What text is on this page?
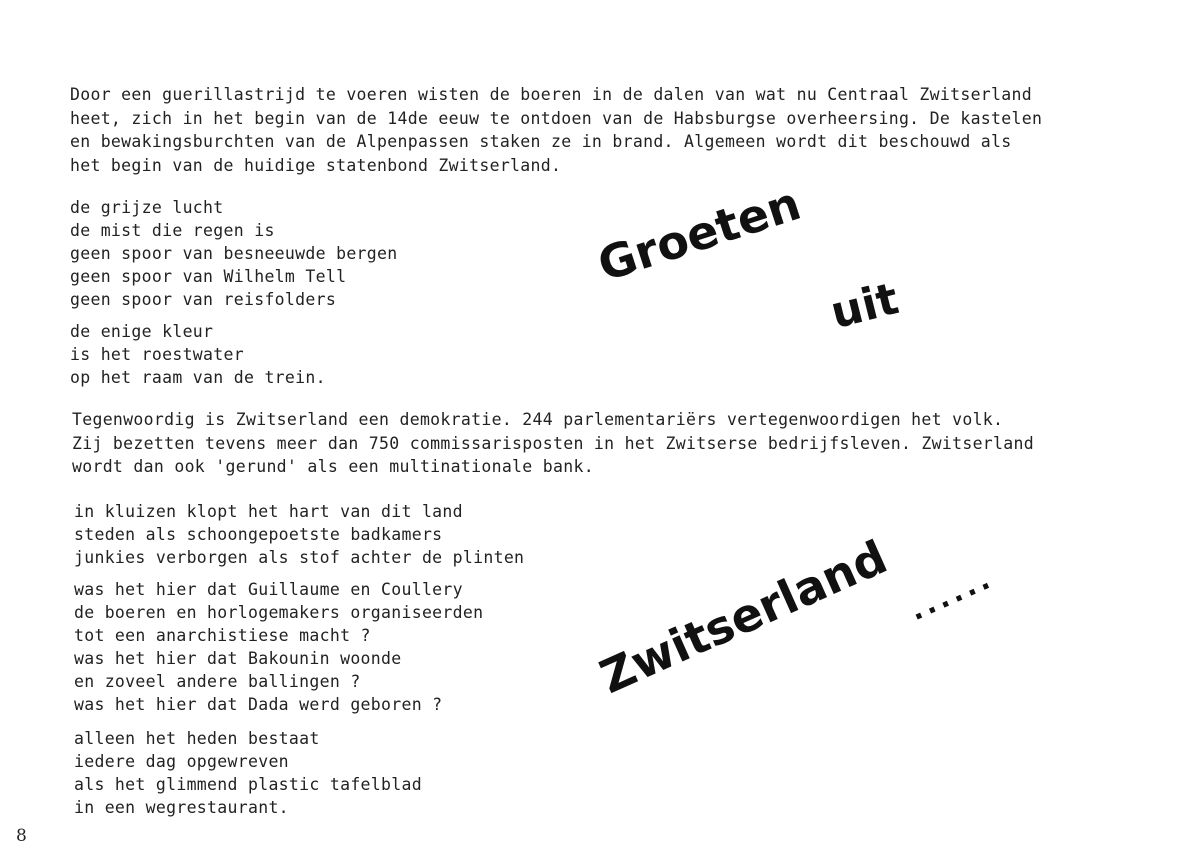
Door een guerillastrijd te voeren wisten de boeren in de dalen van wat nu Centraal Zwitserland
heet, zich in het begin van de 14de eeuw te ontdoen van de Habsburgse overheersing. De kastelen
en bewakingsburchten van de Alpenpassen staken ze in brand. Algemeen wordt dit beschouwd als
het begin van de huidige statenbond Zwitserland.
de grijze lucht
de mist die regen is
geen spoor van besneeuwde bergen
geen spoor van Wilhelm Tell
geen spoor van reisfolders
de enige kleur
is het roestwater
op het raam van de trein.
Tegenwoordig is Zwitserland een demokratie. 244 parlementariërs vertegenwoordigen het volk.
Zij bezetten tevens meer dan 750 commissarisposten in het Zwitserse bedrijfsleven. Zwitserland
wordt dan ook 'gerund' als een multinationale bank.
in kluizen klopt het hart van dit land
steden als schoongepoetste badkamers
junkies verborgen als stof achter de plinten
was het hier dat Guillaume en Coullery
de boeren en horlogemakers organiseerden
tot een anarchistiese macht ?
was het hier dat Bakounin woonde
en zoveel andere ballingen ?
was het hier dat Dada werd geboren ?
alleen het heden bestaat
iedere dag opgewreven
als het glimmend plastic tafelblad
in een wegrestaurant.
Groeten
uit
Zwitserland ......
8
